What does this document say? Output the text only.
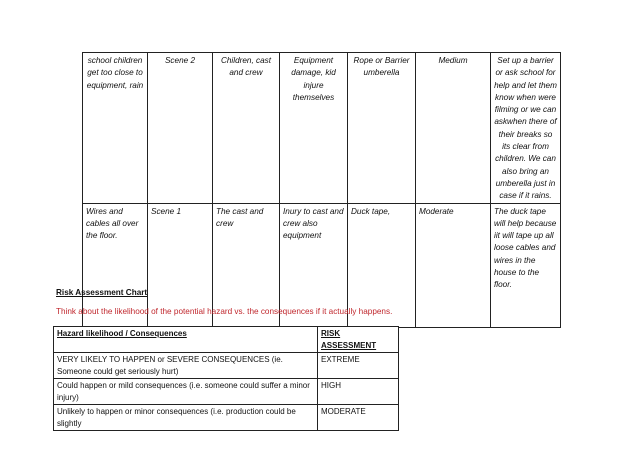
school children get too close to equipment, rain	Scene 2	Children, cast and crew	Equipment damage, kid injure themselves	Rope or Barrier umberella	Medium	Set up a barrier or ask school for help and let them know when were filming or we can askwhen there of their breaks so its clear from children. We can also bring an umberella just in case if it rains.
Wires and cables all over the floor.	Scene 1	The cast and crew	Inury to cast and crew also equipment	Duck tape,	Moderate	The duck tape will help because iit will tape up all loose cables and wires in the house to the floor.
Risk Assessment Chart
Think about the likelihood of the potential hazard vs. the consequences if it actually happens.
Hazard likelihood / Consequences	RISK ASSESSMENT
VERY LIKELY TO HAPPEN or SEVERE CONSEQUENCES (ie. Someone could get seriously hurt)	EXTREME
Could happen or mild consequences (i.e. someone could suffer a minor injury)	HIGH
Unlikely to happen or minor consequences (i.e. production could be slightly	MODERATE
